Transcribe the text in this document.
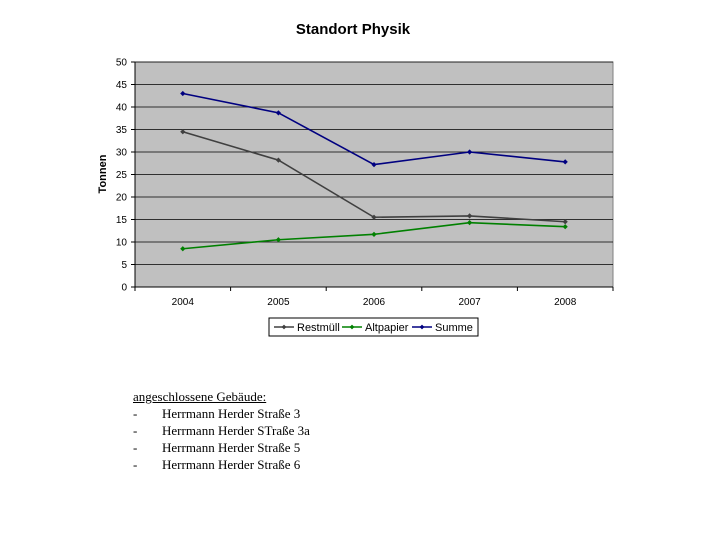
Standort Physik
0
5
10
15
20
25
30
35
40
45
50
2004	2005	2006	2007	2008
Tonnen
Restmüll Altpapier Summe
angeschlossene Gebäude:
-	Herrmann Herder Straße 3
-	Herrmann Herder STraße 3a
-	Herrmann Herder Straße 5
-	Herrmann Herder Straße 6
